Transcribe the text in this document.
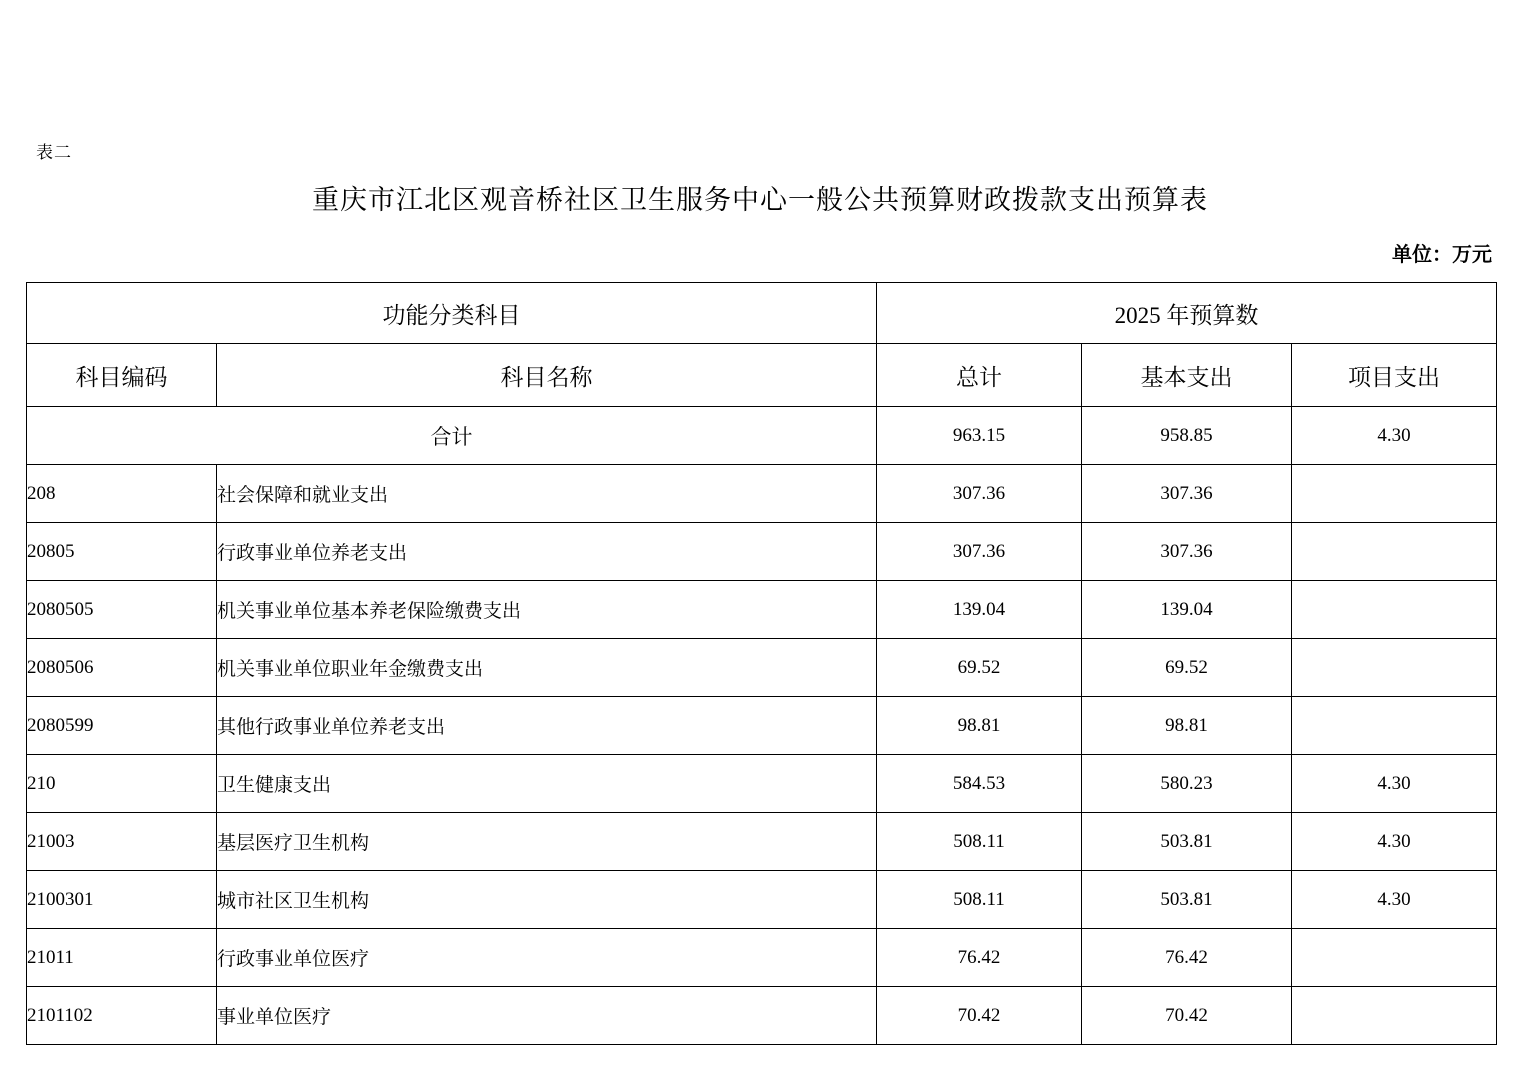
表二
重庆市江北区观音桥社区卫生服务中心一般公共预算财政拨款支出预算表
单位：万元
功能分类科目		2025 年预算数		
科目编码	科目名称	总计	基本支出	项目支出
合计		963.15	958.85	4.30
208	社会保障和就业支出	307.36	307.36	
20805	行政事业单位养老支出	307.36	307.36	
2080505	机关事业单位基本养老保险缴费支出	139.04	139.04	
2080506	机关事业单位职业年金缴费支出	69.52	69.52	
2080599	其他行政事业单位养老支出	98.81	98.81	
210	卫生健康支出	584.53	580.23	4.30
21003	基层医疗卫生机构	508.11	503.81	4.30
2100301	城市社区卫生机构	508.11	503.81	4.30
21011	行政事业单位医疗	76.42	76.42	
2101102	事业单位医疗	70.42	70.42	
